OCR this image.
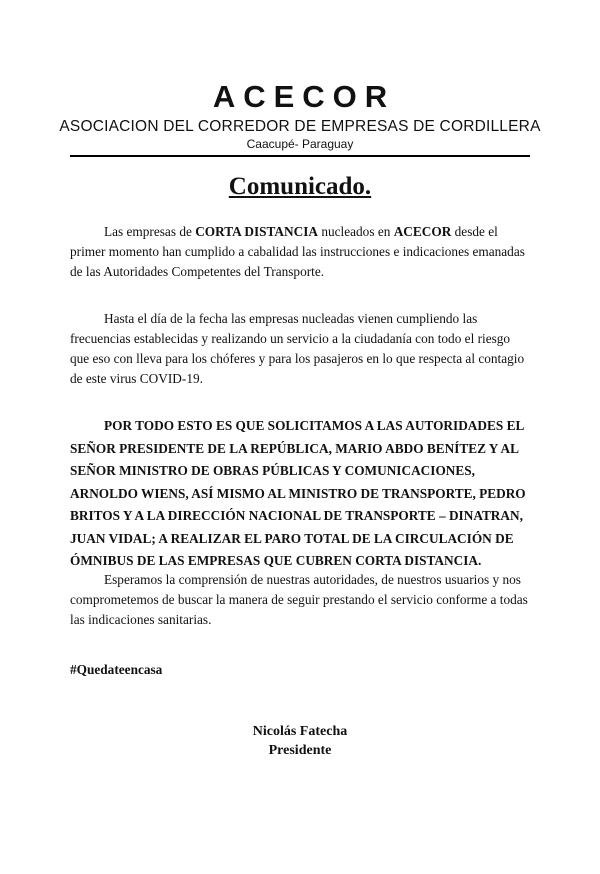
ACECOR
ASOCIACION DEL CORREDOR DE EMPRESAS DE CORDILLERA
Caacupé- Paraguay
Comunicado.

Las empresas de CORTA DISTANCIA nucleados en ACECOR desde el primer momento han cumplido a cabalidad las instrucciones e indicaciones emanadas de las Autoridades Competentes del Transporte.

Hasta el día de la fecha las empresas nucleadas vienen cumpliendo las frecuencias establecidas y realizando un servicio a la ciudadanía con todo el riesgo que eso con lleva para los chóferes y para los pasajeros en lo que respecta al contagio de este virus COVID-19.

POR TODO ESTO ES QUE SOLICITAMOS A LAS AUTORIDADES EL SEÑOR PRESIDENTE DE LA REPÚBLICA, MARIO ABDO BENÍTEZ Y AL SEÑOR MINISTRO DE OBRAS PÚBLICAS Y COMUNICACIONES, ARNOLDO WIENS, ASÍ MISMO AL MINISTRO DE TRANSPORTE, PEDRO BRITOS Y A LA DIRECCIÓN NACIONAL DE TRANSPORTE – DINATRAN, JUAN VIDAL; A REALIZAR EL PARO TOTAL DE LA CIRCULACIÓN DE ÓMNIBUS DE LAS EMPRESAS QUE CUBREN CORTA DISTANCIA.

Esperamos la comprensión de nuestras autoridades, de nuestros usuarios y nos comprometemos de buscar la manera de seguir prestando el servicio conforme a todas las indicaciones sanitarias.

#Quedateencasa
Nicolás Fatecha
Presidente
